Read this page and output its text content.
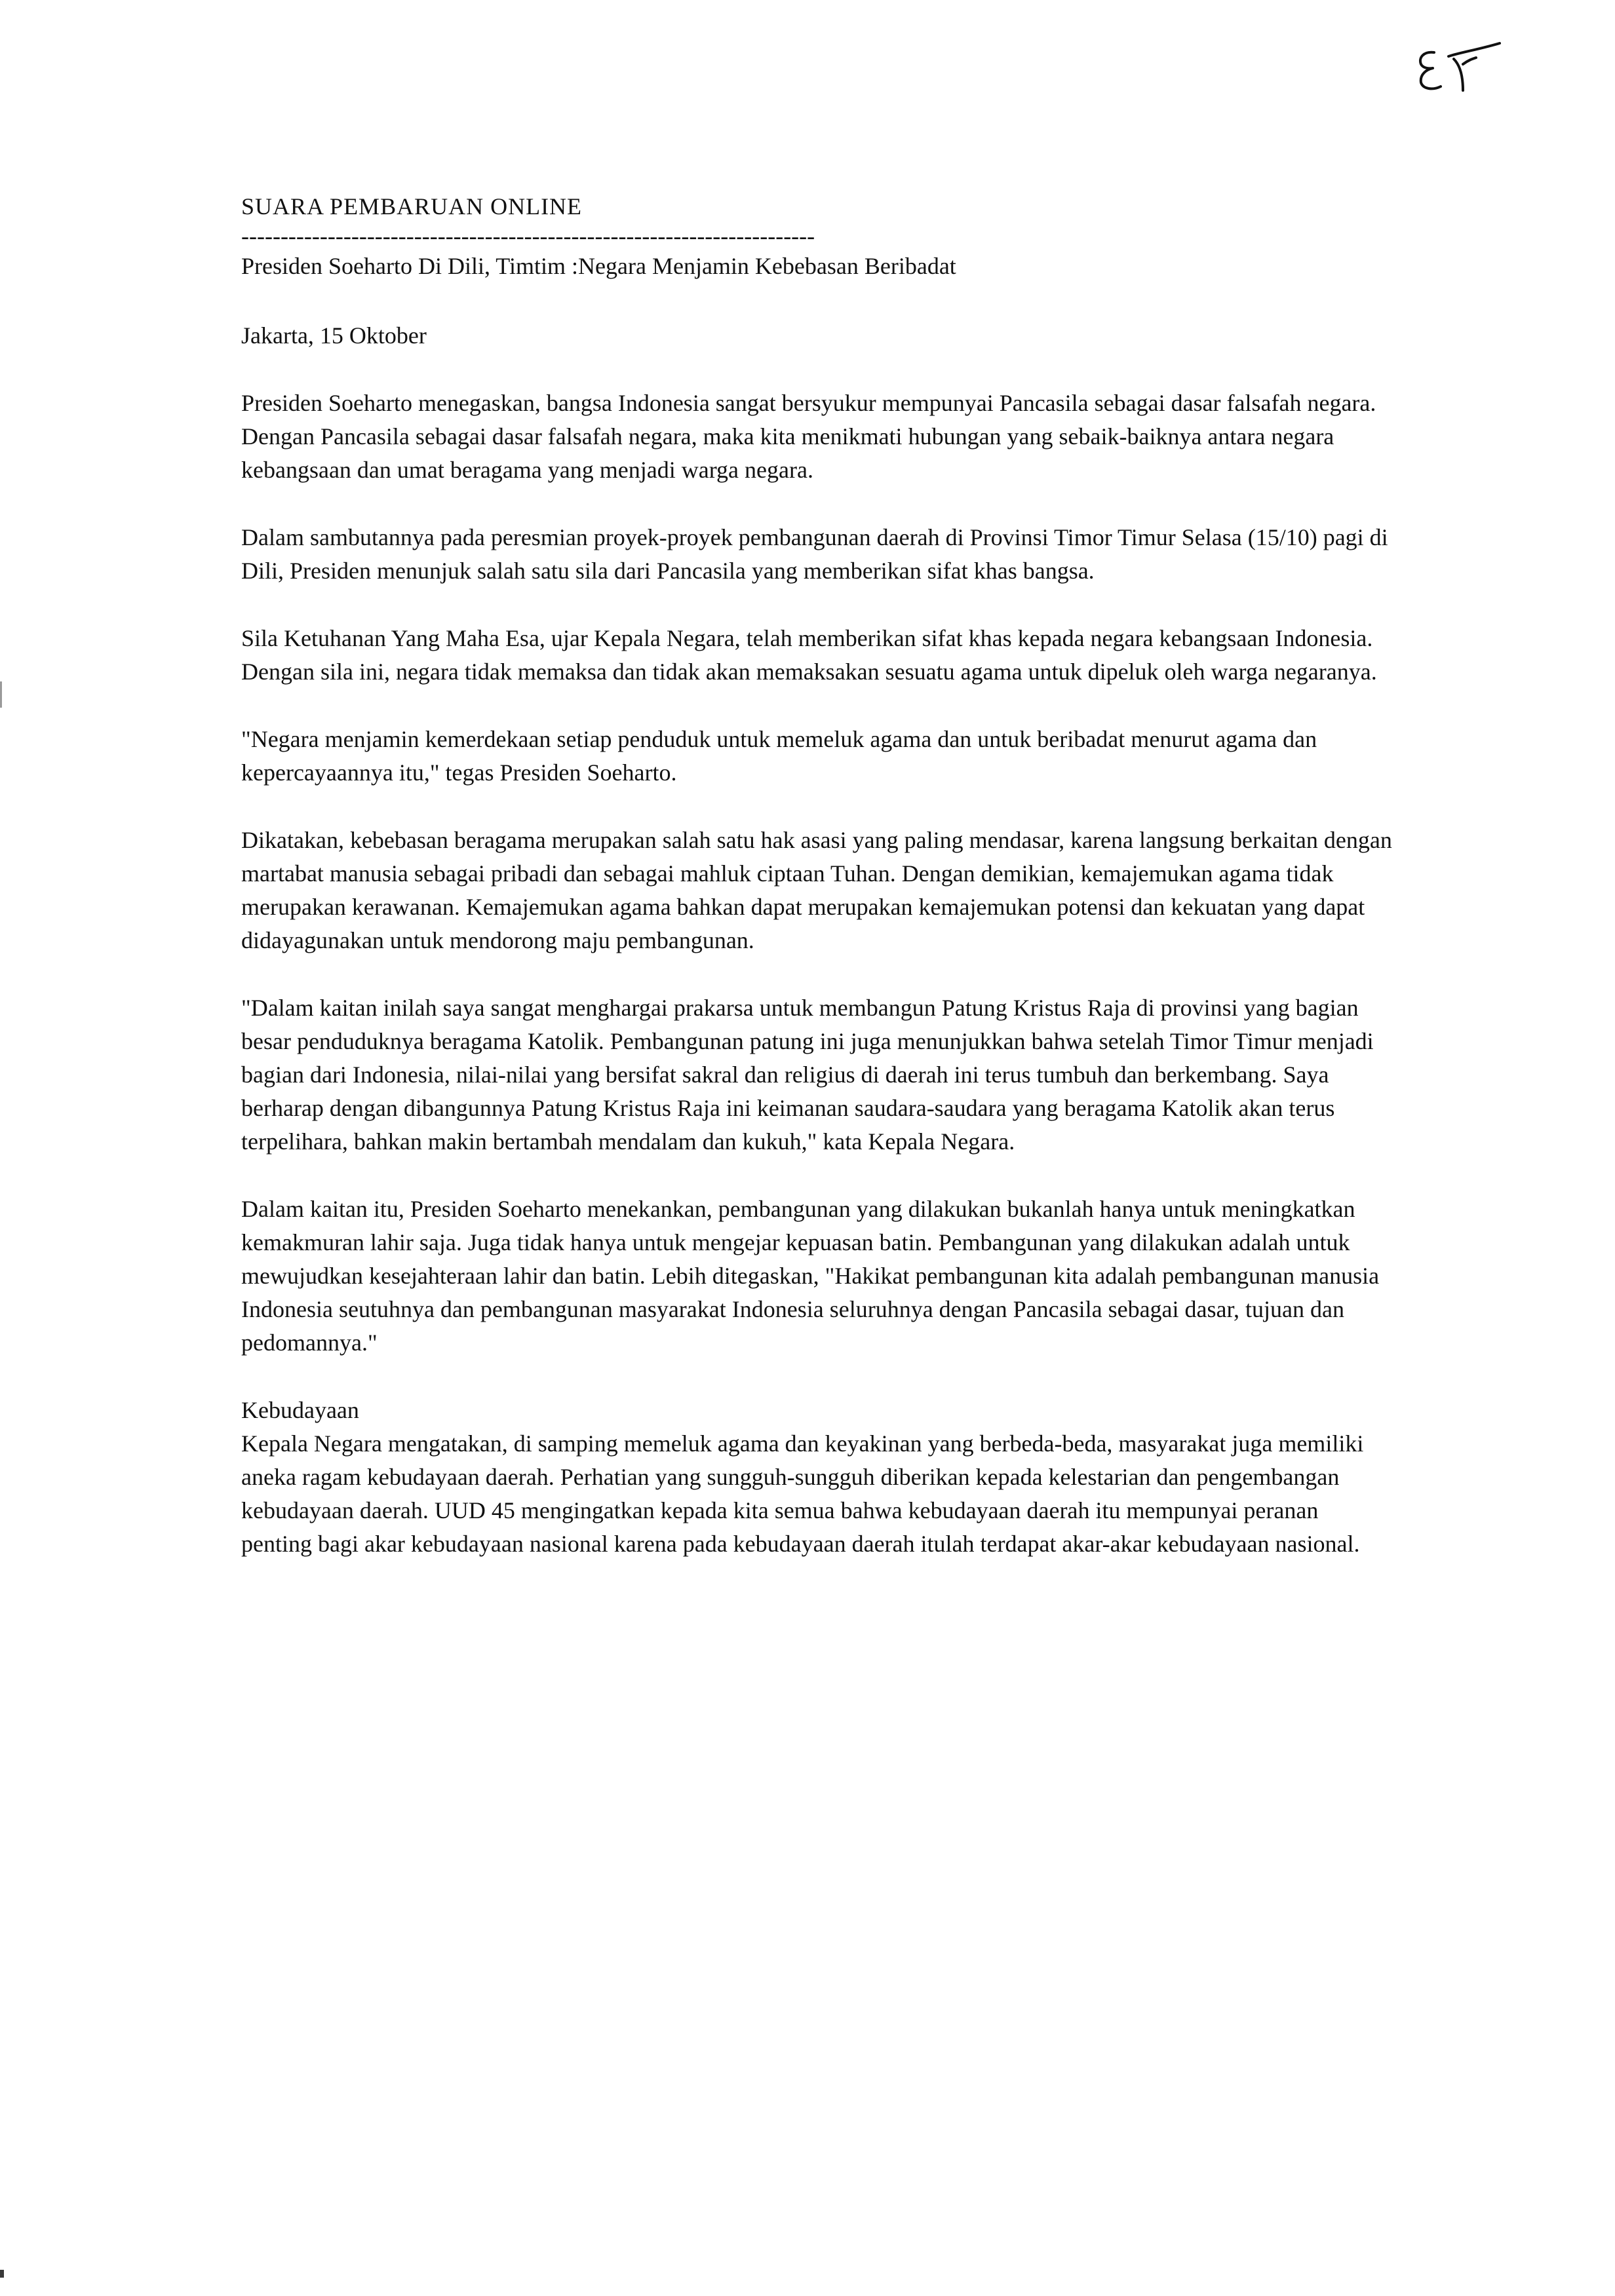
SUARA PEMBARUAN ONLINE

-------------------------------------------------------------------------

Presiden Soeharto Di Dili, Timtim :Negara Menjamin Kebebasan Beribadat

Jakarta, 15 Oktober

Presiden Soeharto menegaskan, bangsa Indonesia sangat bersyukur mempunyai Pancasila sebagai dasar falsafah negara. Dengan Pancasila sebagai dasar falsafah negara, maka kita menikmati hubungan yang sebaik-baiknya antara negara kebangsaan dan umat beragama yang menjadi warga negara.

Dalam sambutannya pada peresmian proyek-proyek pembangunan daerah di Provinsi Timor Timur Selasa (15/10) pagi di Dili, Presiden menunjuk salah satu sila dari Pancasila yang memberikan sifat khas bangsa.

Sila Ketuhanan Yang Maha Esa, ujar Kepala Negara, telah memberikan sifat khas kepada negara kebangsaan Indonesia. Dengan sila ini, negara tidak memaksa dan tidak akan memaksakan sesuatu agama untuk dipeluk oleh warga negaranya.

"Negara menjamin kemerdekaan setiap penduduk untuk memeluk agama dan untuk beribadat menurut agama dan kepercayaannya itu," tegas Presiden Soeharto.

Dikatakan, kebebasan beragama merupakan salah satu hak asasi yang paling mendasar, karena langsung berkaitan dengan martabat manusia sebagai pribadi dan sebagai mahluk ciptaan Tuhan. Dengan demikian, kemajemukan agama tidak merupakan kerawanan. Kemajemukan agama bahkan dapat merupakan kemajemukan potensi dan kekuatan yang dapat didayagunakan untuk mendorong maju pembangunan.

"Dalam kaitan inilah saya sangat menghargai prakarsa untuk membangun Patung Kristus Raja di provinsi yang bagian besar penduduknya beragama Katolik. Pembangunan patung ini juga menunjukkan bahwa setelah Timor Timur menjadi bagian dari Indonesia, nilai-nilai yang bersifat sakral dan religius di daerah ini terus tumbuh dan berkembang. Saya berharap dengan dibangunnya Patung Kristus Raja ini keimanan saudara-saudara yang beragama Katolik akan terus terpelihara, bahkan makin bertambah mendalam dan kukuh," kata Kepala Negara.

Dalam kaitan itu, Presiden Soeharto menekankan, pembangunan yang dilakukan bukanlah hanya untuk meningkatkan kemakmuran lahir saja. Juga tidak hanya untuk mengejar kepuasan batin. Pembangunan yang dilakukan adalah untuk mewujudkan kesejahteraan lahir dan batin. Lebih ditegaskan, "Hakikat pembangunan kita adalah pembangunan manusia Indonesia seutuhnya dan pembangunan masyarakat Indonesia seluruhnya dengan Pancasila sebagai dasar, tujuan dan pedomannya."

Kebudayaan

Kepala Negara mengatakan, di samping memeluk agama dan keyakinan yang berbeda-beda, masyarakat juga memiliki aneka ragam kebudayaan daerah. Perhatian yang sungguh-sungguh diberikan kepada kelestarian dan pengembangan kebudayaan daerah. UUD 45 mengingatkan kepada kita semua bahwa kebudayaan daerah itu mempunyai peranan penting bagi akar kebudayaan nasional karena pada kebudayaan daerah itulah terdapat akar-akar kebudayaan nasional.
